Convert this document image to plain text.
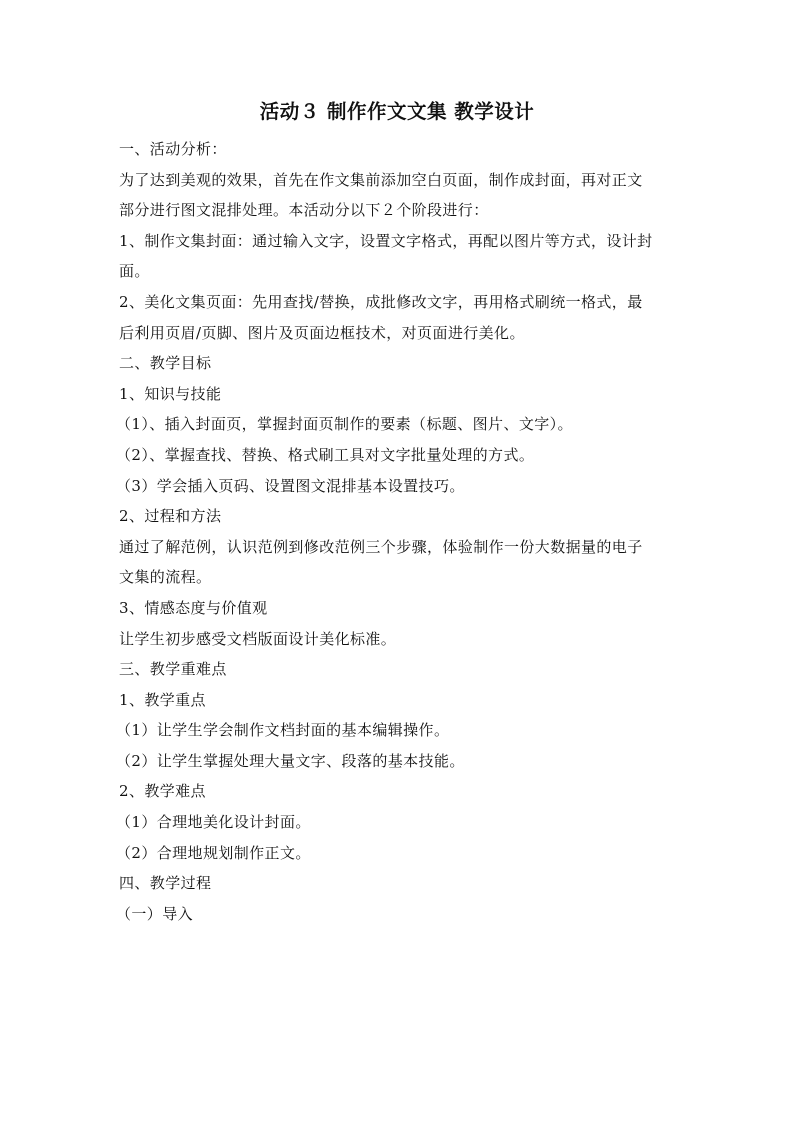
活动３ 制作作文文集 教学设计
一、活动分析：
为了达到美观的效果，首先在作文集前添加空白页面，制作成封面，再对正文
部分进行图文混排处理。本活动分以下２个阶段进行：
1、制作文集封面：通过输入文字，设置文字格式，再配以图片等方式，设计封
面。
2、美化文集页面：先用查找/替换，成批修改文字，再用格式刷统一格式，最
后利用页眉/页脚、图片及页面边框技术，对页面进行美化。
二、教学目标
1、知识与技能
（1）、插入封面页，掌握封面页制作的要素（标题、图片、文字）。
（2）、掌握查找、替换、格式刷工具对文字批量处理的方式。
（3）学会插入页码、设置图文混排基本设置技巧。
2、过程和方法
通过了解范例，认识范例到修改范例三个步骤，体验制作一份大数据量的电子
文集的流程。
3、情感态度与价值观
让学生初步感受文档版面设计美化标准。
三、教学重难点
1、教学重点
（1）让学生学会制作文档封面的基本编辑操作。
（2）让学生掌握处理大量文字、段落的基本技能。
2、教学难点
（1）合理地美化设计封面。
（2）合理地规划制作正文。
四、教学过程
（一）导入
